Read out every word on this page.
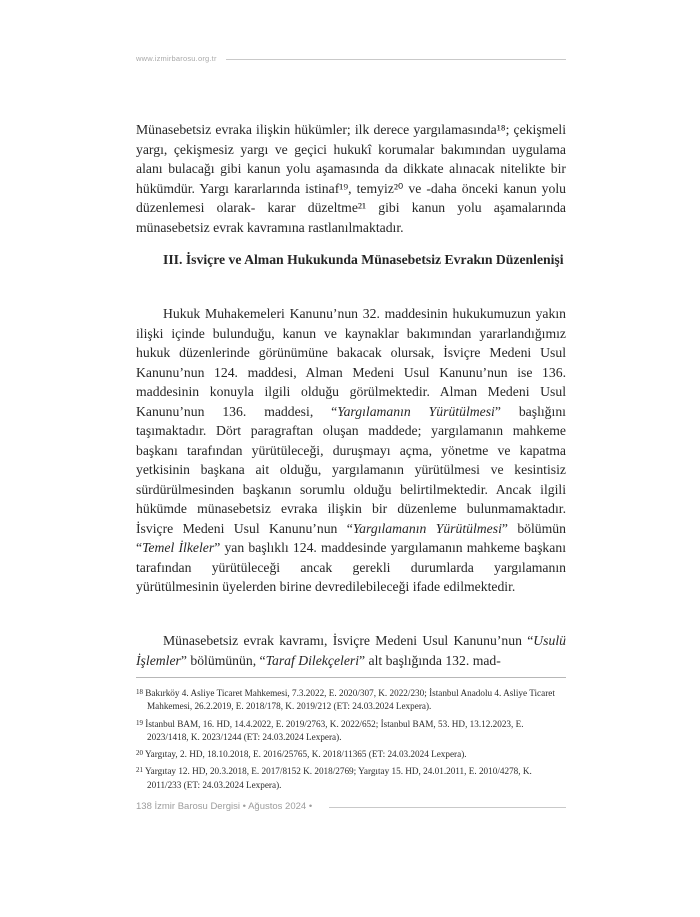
www.izmirbarosu.org.tr

Münasebetsiz evraka ilişkin hükümler; ilk derece yargılamasında¹⁸; çekişmeli yargı, çekişmesiz yargı ve geçici hukukî korumalar bakımından uygulama alanı bulacağı gibi kanun yolu aşamasında da dikkate alınacak nitelikte bir hükümdür. Yargı kararlarında istinaf¹⁹, temyiz²⁰ ve -daha önceki kanun yolu düzenlemesi olarak- karar düzeltme²¹ gibi kanun yolu aşamalarında münasebetsiz evrak kavramına rastlanılmaktadır.

III. İsviçre ve Alman Hukukunda Münasebetsiz Evrakın Düzenlenişi

Hukuk Muhakemeleri Kanunu’nun 32. maddesinin hukukumuzun yakın ilişki içinde bulunduğu, kanun ve kaynaklar bakımından yararlandığımız hukuk düzenlerinde görünümüne bakacak olursak, İsviçre Medeni Usul Kanunu’nun 124. maddesi, Alman Medeni Usul Kanunu’nun ise 136. maddesinin konuyla ilgili olduğu görülmektedir. Alman Medeni Usul Kanunu’nun 136. maddesi, “Yargılamanın Yürütülmesi” başlığını taşımaktadır. Dört paragraftan oluşan maddede; yargılamanın mahkeme başkanı tarafından yürütüleceği, duruşmayı açma, yönetme ve kapatma yetkisinin başkana ait olduğu, yargılamanın yürütülmesi ve kesintisiz sürdürülmesinden başkanın sorumlu olduğu belirtilmektedir. Ancak ilgili hükümde münasebetsiz evraka ilişkin bir düzenleme bulunmamaktadır. İsviçre Medeni Usul Kanunu’nun “Yargılamanın Yürütülmesi” bölümün “Temel İlkeler” yan başlıklı 124. maddesinde yargılamanın mahkeme başkanı tarafından yürütüleceği ancak gerekli durumlarda yargılamanın yürütülmesinin üyelerden birine devredilebileceği ifade edilmektedir.

Münasebetsiz evrak kavramı, İsviçre Medeni Usul Kanunu’nun “Usulü İşlemler” bölümünün, “Taraf Dilekçeleri” alt başlığında 132. mad-

$^{18}$ Bakırköy 4. Asliye Ticaret Mahkemesi, 7.3.2022, E. 2020/307, K. 2022/230; İstanbul Anadolu 4. Asliye Ticaret Mahkemesi, 26.2.2019, E. 2018/178, K. 2019/212 (ET: 24.03.2024 Lexpera).

$^{19}$ İstanbul BAM, 16. HD, 14.4.2022, E. 2019/2763, K. 2022/652; İstanbul BAM, 53. HD, 13.12.2023, E. 2023/1418, K. 2023/1244 (ET: 24.03.2024 Lexpera).

$^{20}$ Yargıtay, 2. HD, 18.10.2018, E. 2016/25765, K. 2018/11365 (ET: 24.03.2024 Lexpera).

$^{21}$ Yargıtay 12. HD, 20.3.2018, E. 2017/8152 K. 2018/2769; Yargıtay 15. HD, 24.01.2011, E. 2010/4278, K. 2011/233 (ET: 24.03.2024 Lexpera).

138 İzmir Barosu Dergisi • Ağustos 2024 •
